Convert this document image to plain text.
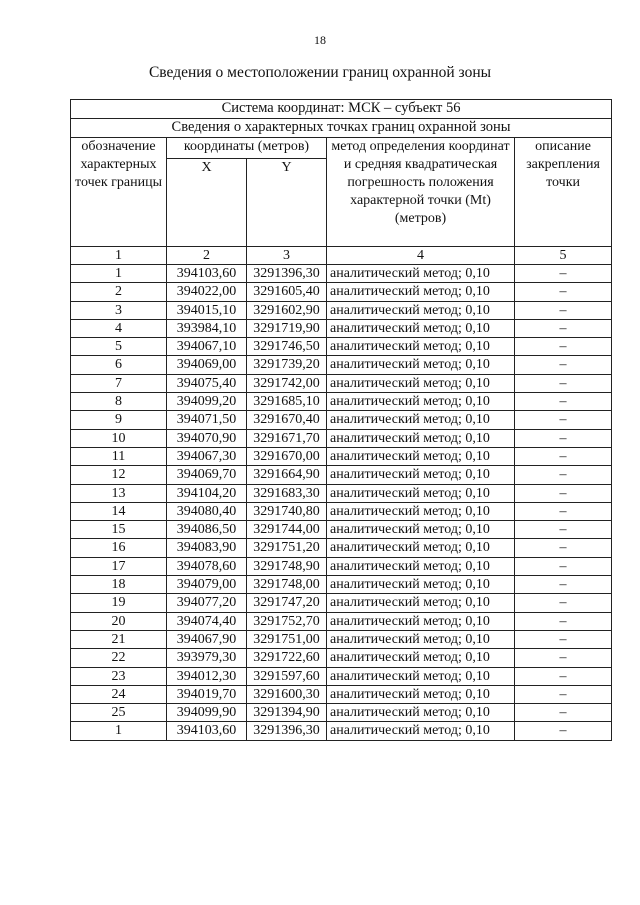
18
Сведения о местоположении границ охранной зоны
Система координат: МСК – субъект 56				
Сведения о характерных точках границ охранной зоны				
обозначение характерных точек границы	координаты (метров)		метод определения координат и средняя квадратическая погрешность положения характерной точки (Mt) (метров)	описание закрепления точки
	X	Y		
1	2	3	4	5
1	394103,60	3291396,30	аналитический метод; 0,10	–
2	394022,00	3291605,40	аналитический метод; 0,10	–
3	394015,10	3291602,90	аналитический метод; 0,10	–
4	393984,10	3291719,90	аналитический метод; 0,10	–
5	394067,10	3291746,50	аналитический метод; 0,10	–
6	394069,00	3291739,20	аналитический метод; 0,10	–
7	394075,40	3291742,00	аналитический метод; 0,10	–
8	394099,20	3291685,10	аналитический метод; 0,10	–
9	394071,50	3291670,40	аналитический метод; 0,10	–
10	394070,90	3291671,70	аналитический метод; 0,10	–
11	394067,30	3291670,00	аналитический метод; 0,10	–
12	394069,70	3291664,90	аналитический метод; 0,10	–
13	394104,20	3291683,30	аналитический метод; 0,10	–
14	394080,40	3291740,80	аналитический метод; 0,10	–
15	394086,50	3291744,00	аналитический метод; 0,10	–
16	394083,90	3291751,20	аналитический метод; 0,10	–
17	394078,60	3291748,90	аналитический метод; 0,10	–
18	394079,00	3291748,00	аналитический метод; 0,10	–
19	394077,20	3291747,20	аналитический метод; 0,10	–
20	394074,40	3291752,70	аналитический метод; 0,10	–
21	394067,90	3291751,00	аналитический метод; 0,10	–
22	393979,30	3291722,60	аналитический метод; 0,10	–
23	394012,30	3291597,60	аналитический метод; 0,10	–
24	394019,70	3291600,30	аналитический метод; 0,10	–
25	394099,90	3291394,90	аналитический метод; 0,10	–
1	394103,60	3291396,30	аналитический метод; 0,10	–
